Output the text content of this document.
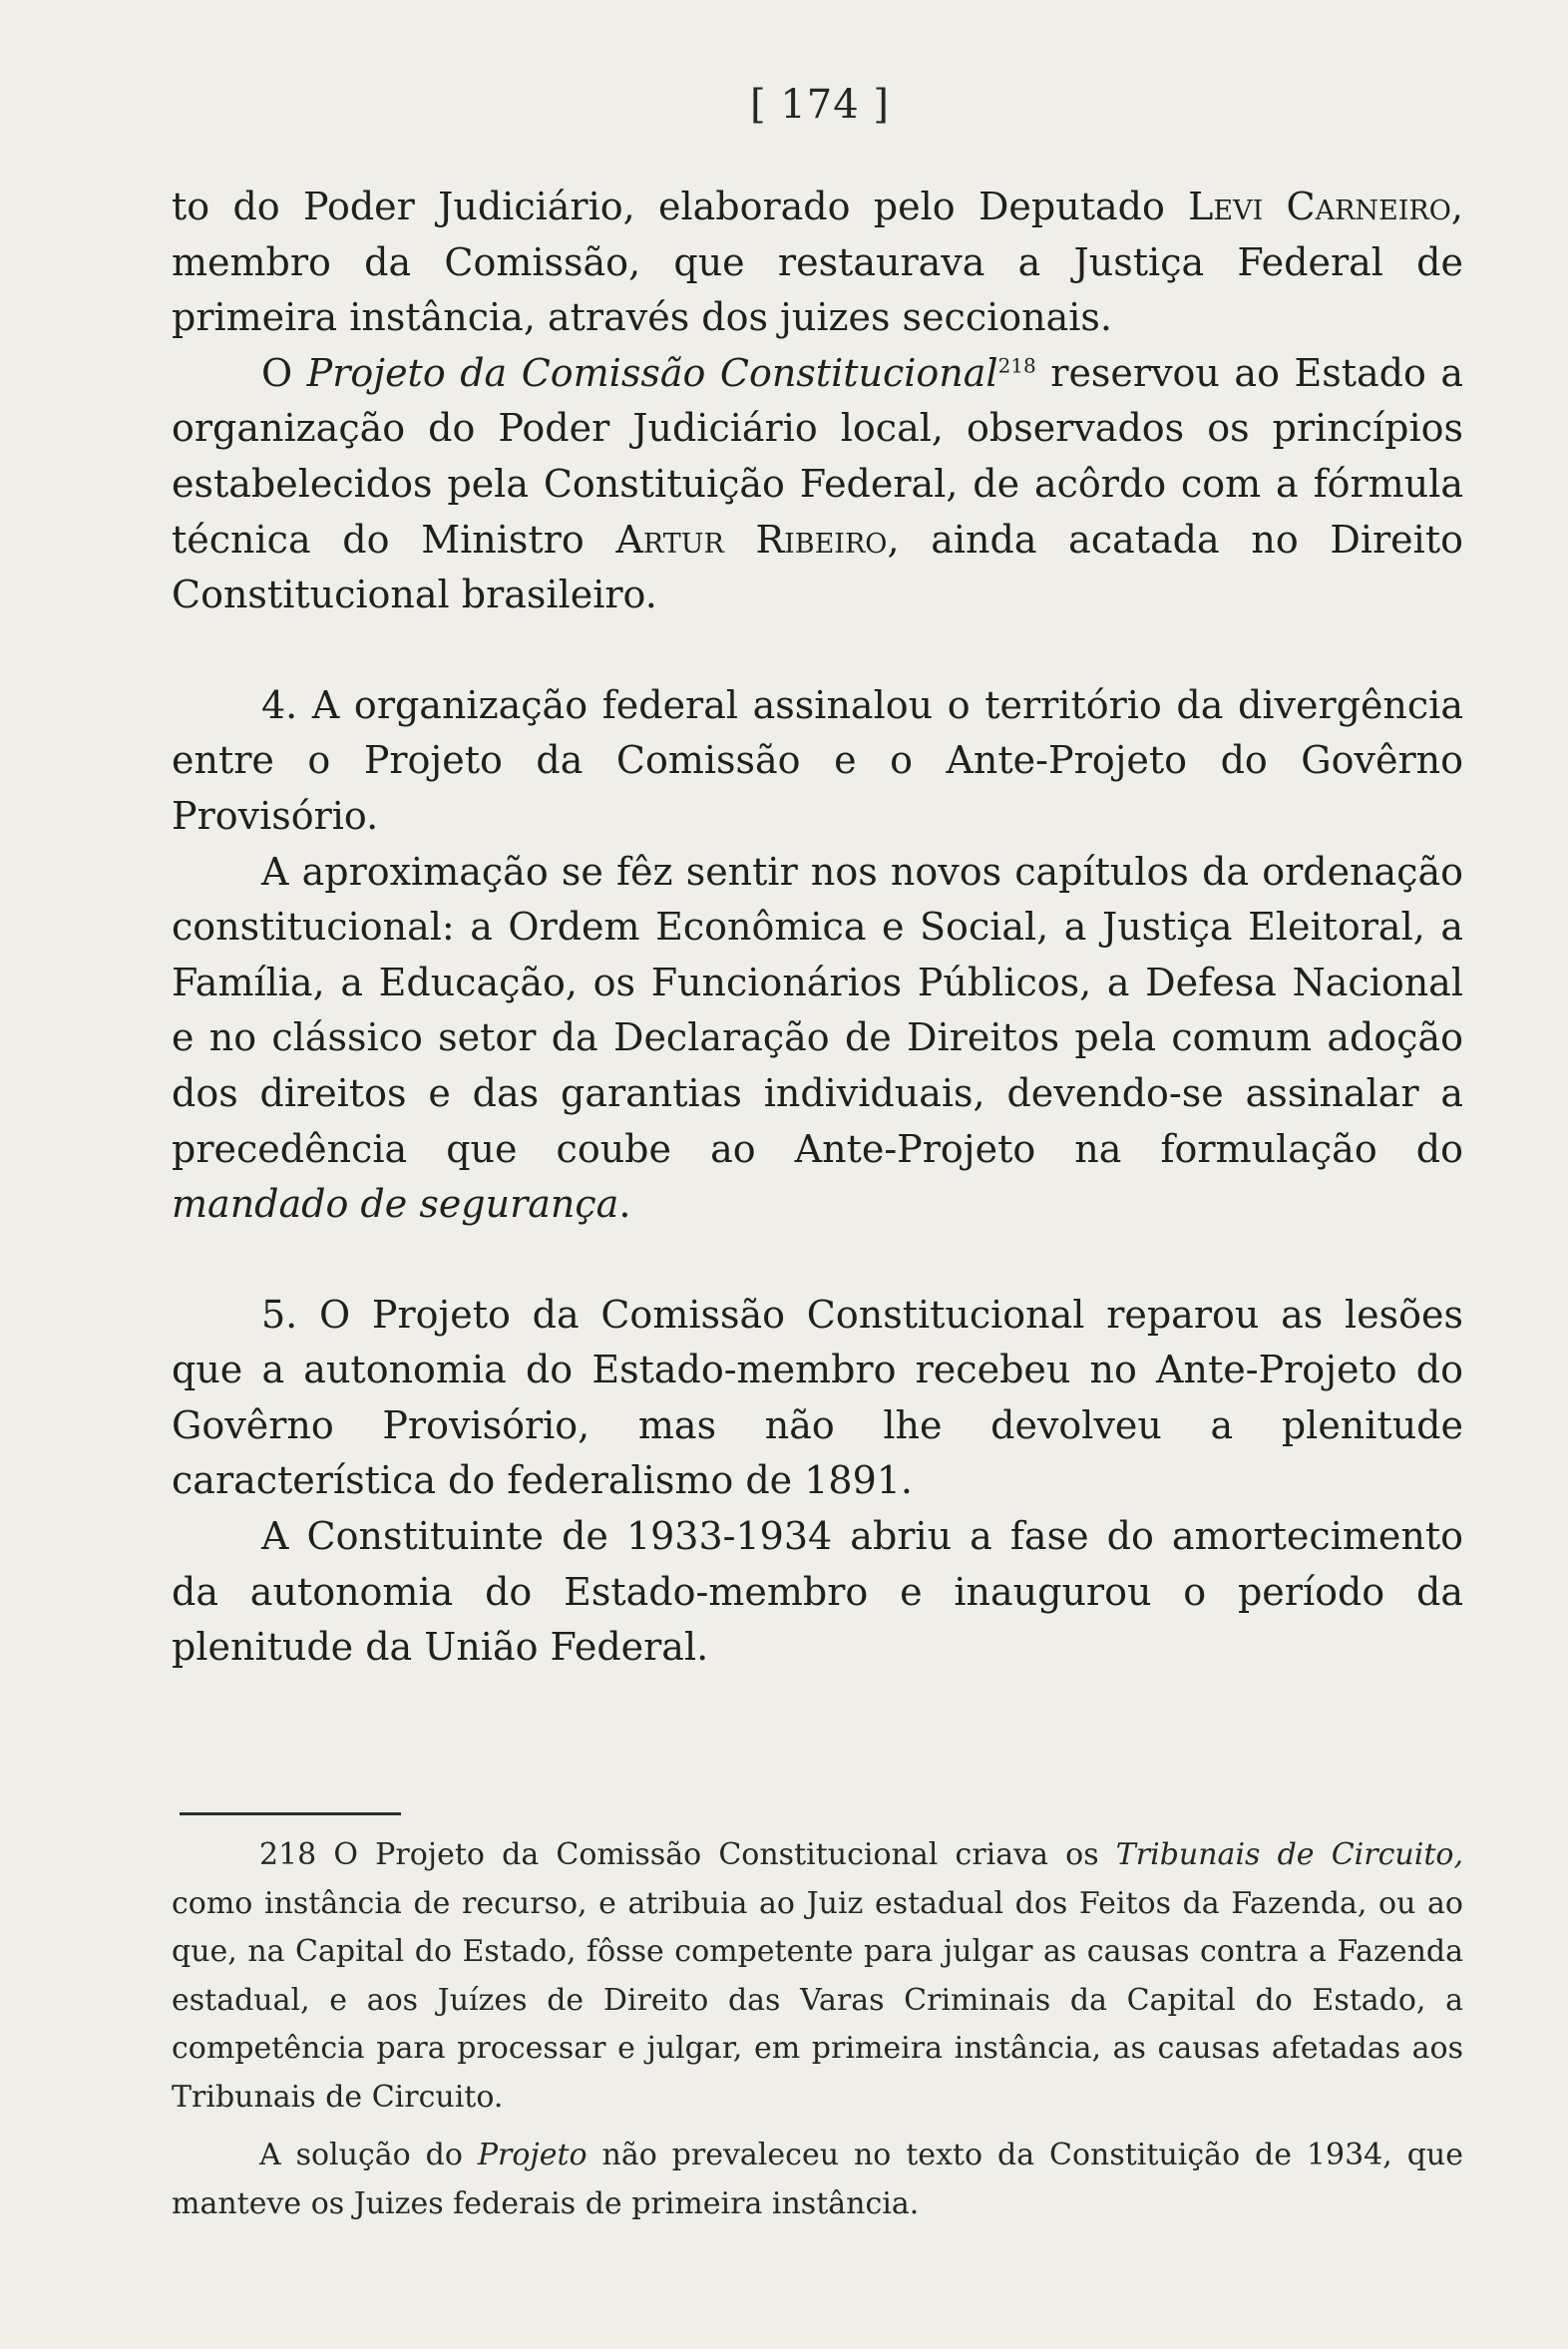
[ 174 ]

to do Poder Judiciário, elaborado pelo Deputado Levi Carneiro, membro da Comissão, que restaurava a Justiça Federal de primeira instância, através dos juizes seccionais.

O Projeto da Comissão Constitucional$^{218}$ reservou ao Estado a organização do Poder Judiciário local, observados os princípios estabelecidos pela Constituição Federal, de acôrdo com a fórmula técnica do Ministro Artur Ribeiro, ainda acatada no Direito Constitucional brasileiro.

4. A organização federal assinalou o território da divergência entre o Projeto da Comissão e o Ante-Projeto do Govêrno Provisório.

A aproximação se fêz sentir nos novos capítulos da ordenação constitucional: a Ordem Econômica e Social, a Justiça Eleitoral, a Família, a Educação, os Funcionários Públicos, a Defesa Nacional e no clássico setor da Declaração de Direitos pela comum adoção dos direitos e das garantias individuais, devendo-se assinalar a precedência que coube ao Ante-Projeto na formulação do mandado de segurança.

5. O Projeto da Comissão Constitucional reparou as lesões que a autonomia do Estado-membro recebeu no Ante-Projeto do Govêrno Provisório, mas não lhe devolveu a plenitude característica do federalismo de 1891.

A Constituinte de 1933-1934 abriu a fase do amortecimento da autonomia do Estado-membro e inaugurou o período da plenitude da União Federal.

218 O Projeto da Comissão Constitucional criava os Tribunais de Circuito, como instância de recurso, e atribuia ao Juiz estadual dos Feitos da Fazenda, ou ao que, na Capital do Estado, fôsse competente para julgar as causas contra a Fazenda estadual, e aos Juízes de Direito das Varas Criminais da Capital do Estado, a competência para processar e julgar, em primeira instância, as causas afetadas aos Tribunais de Circuito.

A solução do Projeto não prevaleceu no texto da Constituição de 1934, que manteve os Juizes federais de primeira instância.
